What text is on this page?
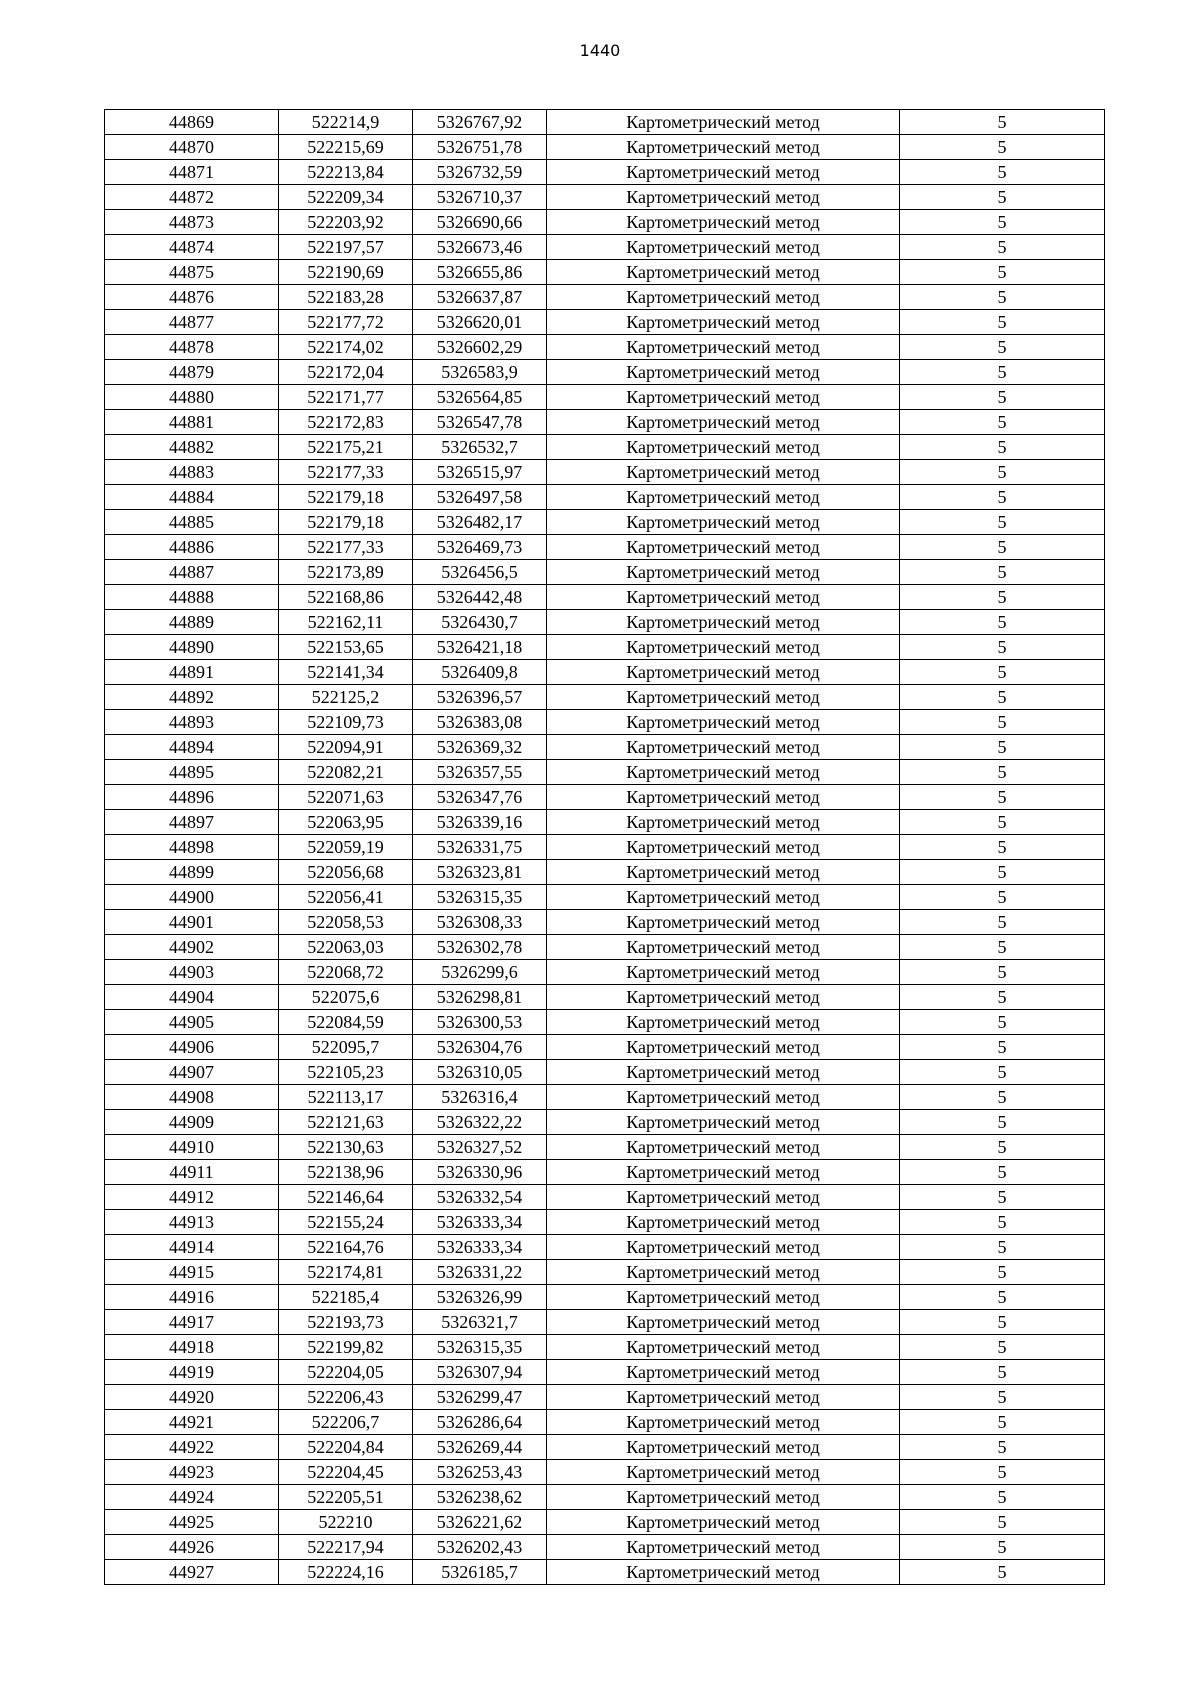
1440
44869	522214,9	5326767,92	Картометрический метод	5
44870	522215,69	5326751,78	Картометрический метод	5
44871	522213,84	5326732,59	Картометрический метод	5
44872	522209,34	5326710,37	Картометрический метод	5
44873	522203,92	5326690,66	Картометрический метод	5
44874	522197,57	5326673,46	Картометрический метод	5
44875	522190,69	5326655,86	Картометрический метод	5
44876	522183,28	5326637,87	Картометрический метод	5
44877	522177,72	5326620,01	Картометрический метод	5
44878	522174,02	5326602,29	Картометрический метод	5
44879	522172,04	5326583,9	Картометрический метод	5
44880	522171,77	5326564,85	Картометрический метод	5
44881	522172,83	5326547,78	Картометрический метод	5
44882	522175,21	5326532,7	Картометрический метод	5
44883	522177,33	5326515,97	Картометрический метод	5
44884	522179,18	5326497,58	Картометрический метод	5
44885	522179,18	5326482,17	Картометрический метод	5
44886	522177,33	5326469,73	Картометрический метод	5
44887	522173,89	5326456,5	Картометрический метод	5
44888	522168,86	5326442,48	Картометрический метод	5
44889	522162,11	5326430,7	Картометрический метод	5
44890	522153,65	5326421,18	Картометрический метод	5
44891	522141,34	5326409,8	Картометрический метод	5
44892	522125,2	5326396,57	Картометрический метод	5
44893	522109,73	5326383,08	Картометрический метод	5
44894	522094,91	5326369,32	Картометрический метод	5
44895	522082,21	5326357,55	Картометрический метод	5
44896	522071,63	5326347,76	Картометрический метод	5
44897	522063,95	5326339,16	Картометрический метод	5
44898	522059,19	5326331,75	Картометрический метод	5
44899	522056,68	5326323,81	Картометрический метод	5
44900	522056,41	5326315,35	Картометрический метод	5
44901	522058,53	5326308,33	Картометрический метод	5
44902	522063,03	5326302,78	Картометрический метод	5
44903	522068,72	5326299,6	Картометрический метод	5
44904	522075,6	5326298,81	Картометрический метод	5
44905	522084,59	5326300,53	Картометрический метод	5
44906	522095,7	5326304,76	Картометрический метод	5
44907	522105,23	5326310,05	Картометрический метод	5
44908	522113,17	5326316,4	Картометрический метод	5
44909	522121,63	5326322,22	Картометрический метод	5
44910	522130,63	5326327,52	Картометрический метод	5
44911	522138,96	5326330,96	Картометрический метод	5
44912	522146,64	5326332,54	Картометрический метод	5
44913	522155,24	5326333,34	Картометрический метод	5
44914	522164,76	5326333,34	Картометрический метод	5
44915	522174,81	5326331,22	Картометрический метод	5
44916	522185,4	5326326,99	Картометрический метод	5
44917	522193,73	5326321,7	Картометрический метод	5
44918	522199,82	5326315,35	Картометрический метод	5
44919	522204,05	5326307,94	Картометрический метод	5
44920	522206,43	5326299,47	Картометрический метод	5
44921	522206,7	5326286,64	Картометрический метод	5
44922	522204,84	5326269,44	Картометрический метод	5
44923	522204,45	5326253,43	Картометрический метод	5
44924	522205,51	5326238,62	Картометрический метод	5
44925	522210	5326221,62	Картометрический метод	5
44926	522217,94	5326202,43	Картометрический метод	5
44927	522224,16	5326185,7	Картометрический метод	5
